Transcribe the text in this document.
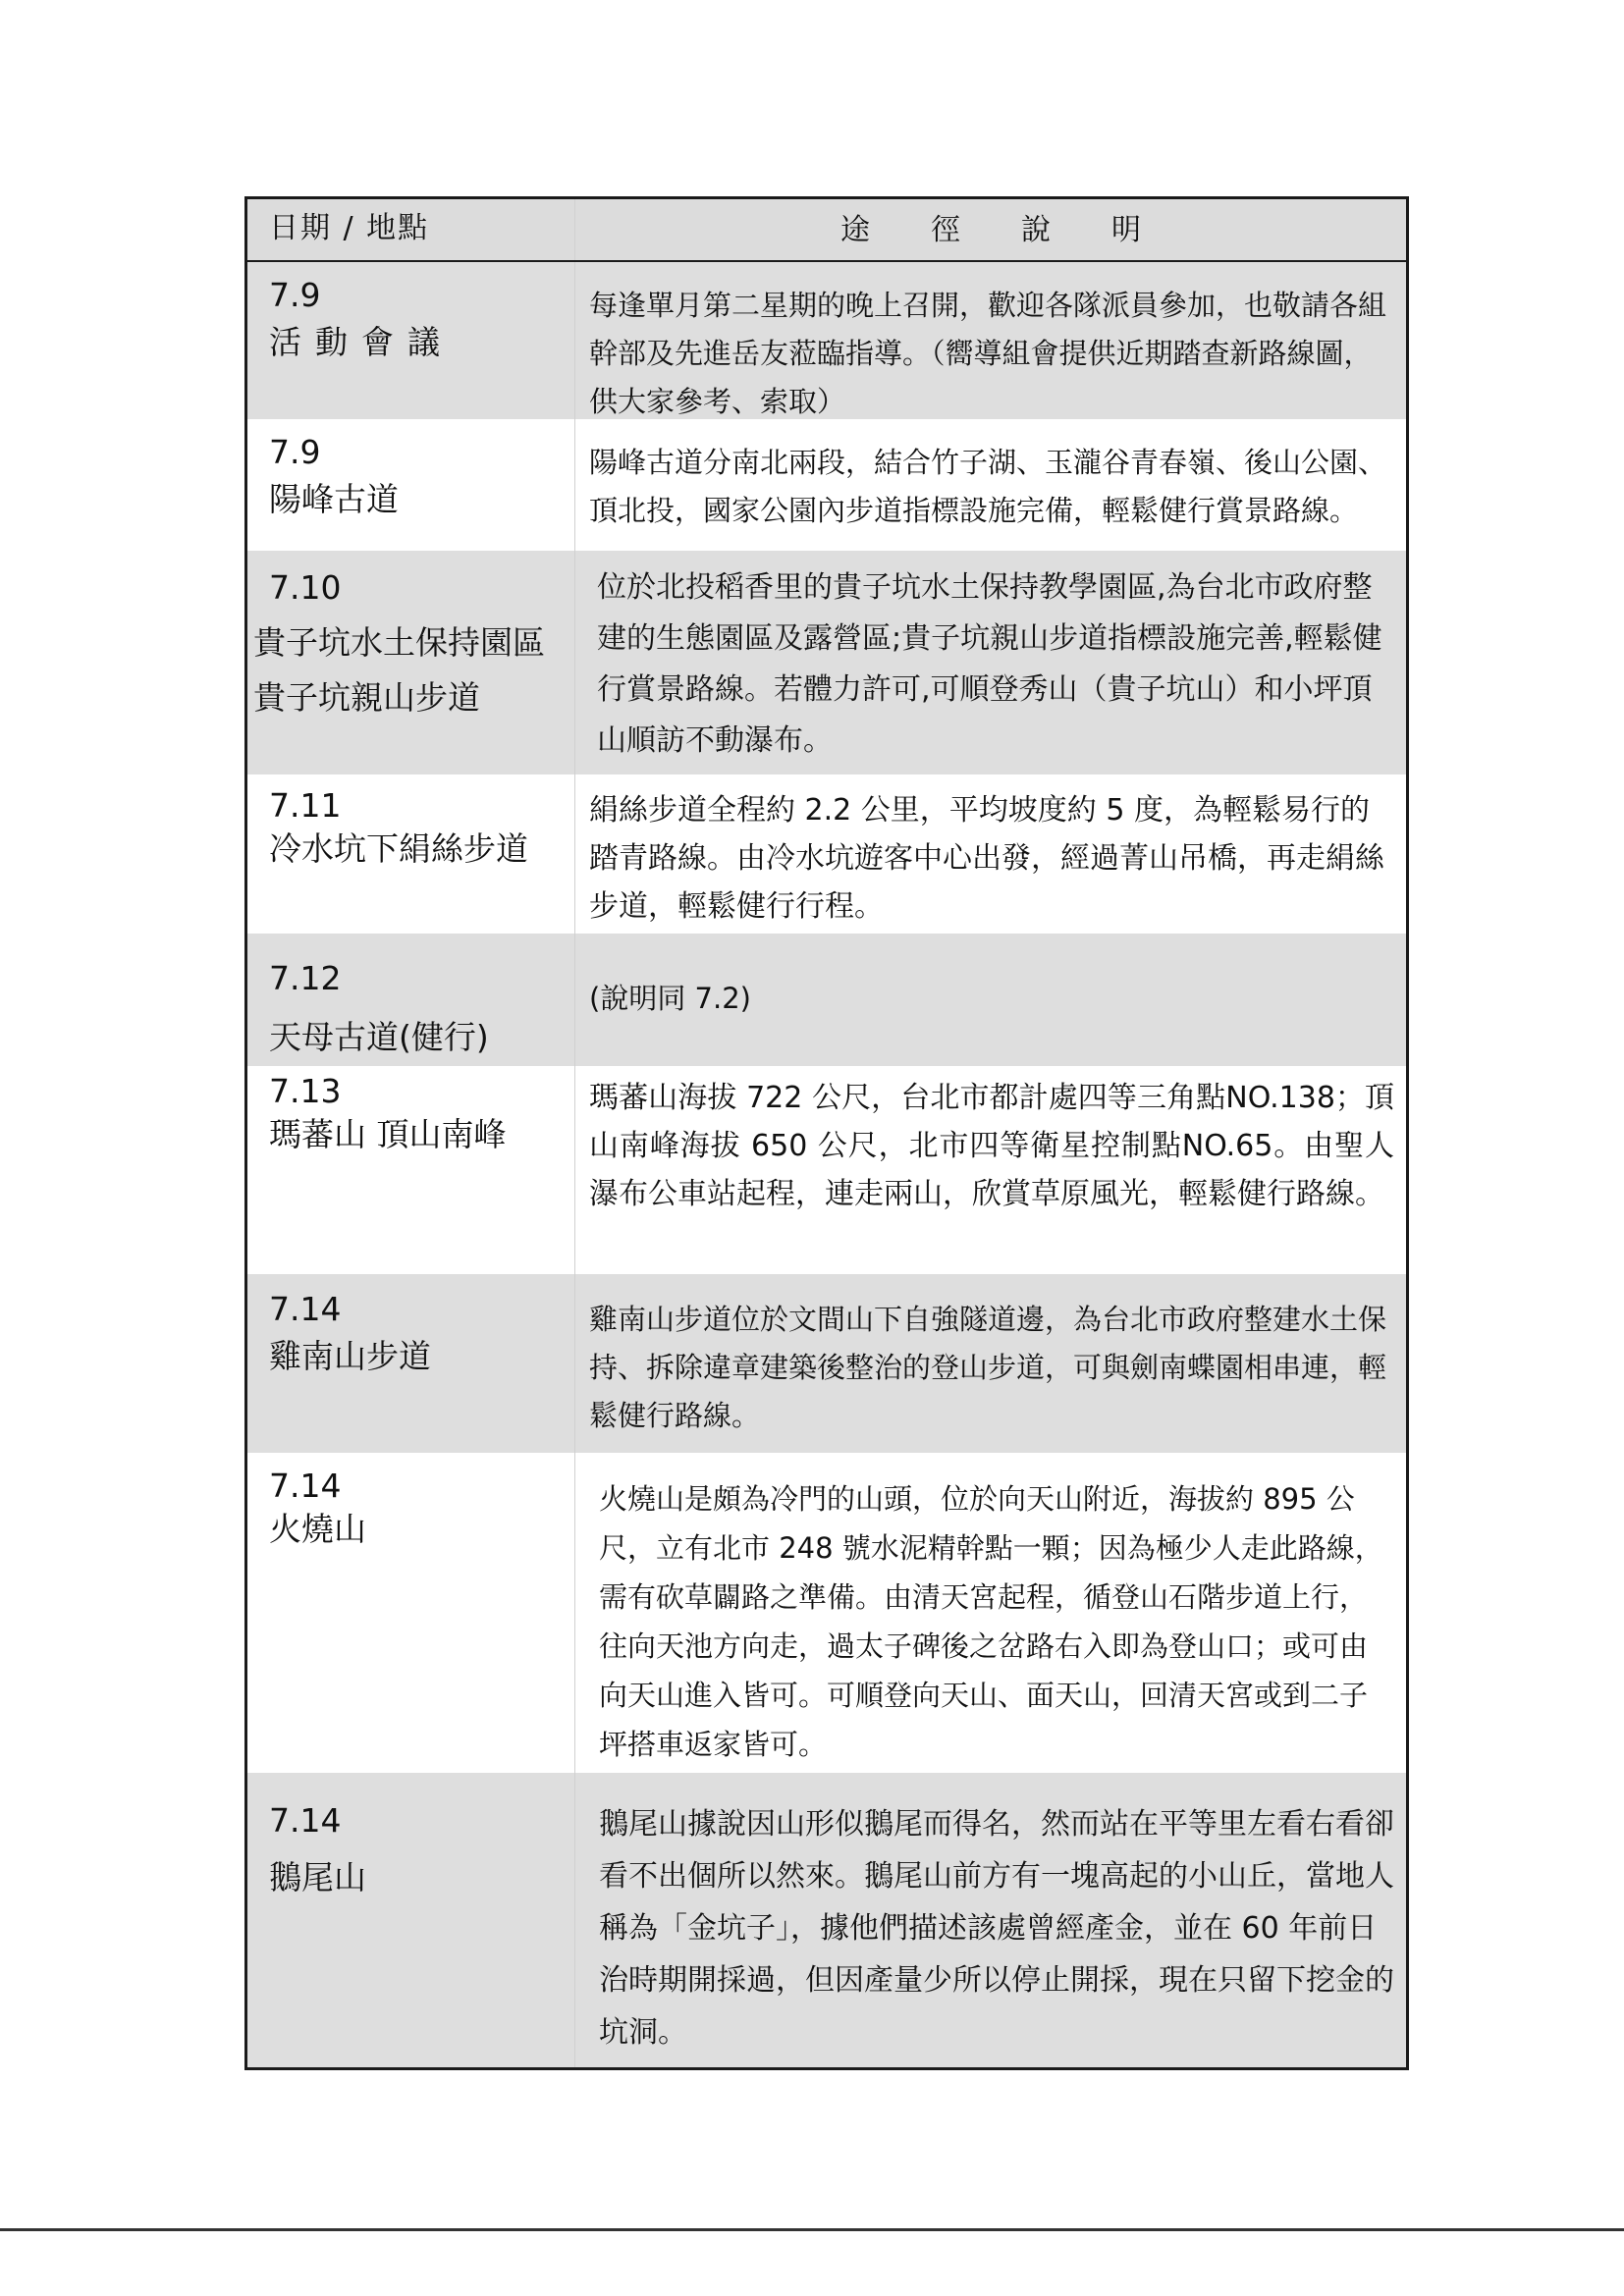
日期 / 地點	途徑說明
7.9
活動會議
每逢單月第二星期的晚上召開，歡迎各隊派員參加，也敬請各組幹部及先進岳友蒞臨指導。（嚮導組會提供近期踏查新路線圖，供大家參考、索取）
7.9
陽峰古道
陽峰古道分南北兩段，結合竹子湖、玉瀧谷青春嶺、後山公園、頂北投，國家公園內步道指標設施完備，輕鬆健行賞景路線。
7.10
貴子坑水土保持園區
貴子坑親山步道
位於北投稻香里的貴子坑水土保持教學園區,為台北市政府整建的生態園區及露營區;貴子坑親山步道指標設施完善,輕鬆健行賞景路線。若體力許可,可順登秀山（貴子坑山）和小坪頂山順訪不動瀑布。
7.11
冷水坑下絹絲步道
絹絲步道全程約 2.2 公里，平均坡度約 5 度，為輕鬆易行的踏青路線。由冷水坑遊客中心出發，經過菁山吊橋，再走絹絲步道，輕鬆健行行程。
7.12
天母古道(健行)
(說明同 7.2)
7.13
瑪蕃山 頂山南峰
瑪蕃山海拔 722 公尺，台北市都計處四等三角點NO.138；頂山南峰海拔 650 公尺，北市四等衛星控制點NO.65。由聖人瀑布公車站起程，連走兩山，欣賞草原風光，輕鬆健行路線。
7.14
雞南山步道
雞南山步道位於文間山下自強隧道邊，為台北市政府整建水土保持、拆除違章建築後整治的登山步道，可與劍南蝶園相串連，輕鬆健行路線。
7.14
火燒山
火燒山是頗為冷門的山頭，位於向天山附近，海拔約 895 公尺，立有北市 248 號水泥精幹點一顆；因為極少人走此路線，需有砍草闢路之準備。由清天宮起程，循登山石階步道上行，往向天池方向走，過太子碑後之岔路右入即為登山口；或可由向天山進入皆可。可順登向天山、面天山，回清天宮或到二子坪搭車返家皆可。
7.14
鵝尾山
鵝尾山據說因山形似鵝尾而得名，然而站在平等里左看右看卻看不出個所以然來。鵝尾山前方有一塊高起的小山丘，當地人稱為「金坑子」，據他們描述該處曾經產金，並在 60 年前日治時期開採過，但因產量少所以停止開採，現在只留下挖金的坑洞。
